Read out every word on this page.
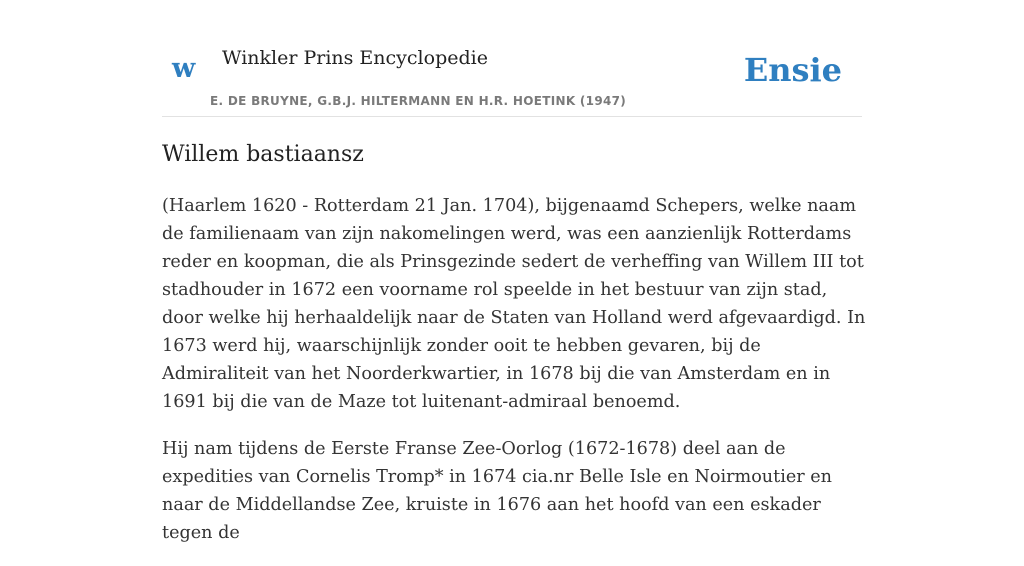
w Winkler Prins Encyclopedie
E. DE BRUYNE, G.B.J. HILTERMANN EN H.R. HOETINK (1947)
Ensie
Willem bastiaansz

(Haarlem 1620 - Rotterdam 21 Jan. 1704), bijgenaamd Schepers, welke naam de familienaam van zijn nakomelingen werd, was een aanzienlijk Rotterdams reder en koopman, die als Prinsgezinde sedert de verheffing van Willem III tot stadhouder in 1672 een voorname rol speelde in het bestuur van zijn stad, door welke hij herhaaldelijk naar de Staten van Holland werd afgevaardigd. In 1673 werd hij, waarschijnlijk zonder ooit te hebben gevaren, bij de Admiraliteit van het Noorderkwartier, in 1678 bij die van Amsterdam en in 1691 bij die van de Maze tot luitenant-admiraal benoemd.

Hij nam tijdens de Eerste Franse Zee-Oorlog (1672-1678) deel aan de expedities van Cornelis Tromp* in 1674 cia.nr Belle Isle en Noirmoutier en naar de Middellandse Zee, kruiste in 1676 aan het hoofd van een eskader tegen de
